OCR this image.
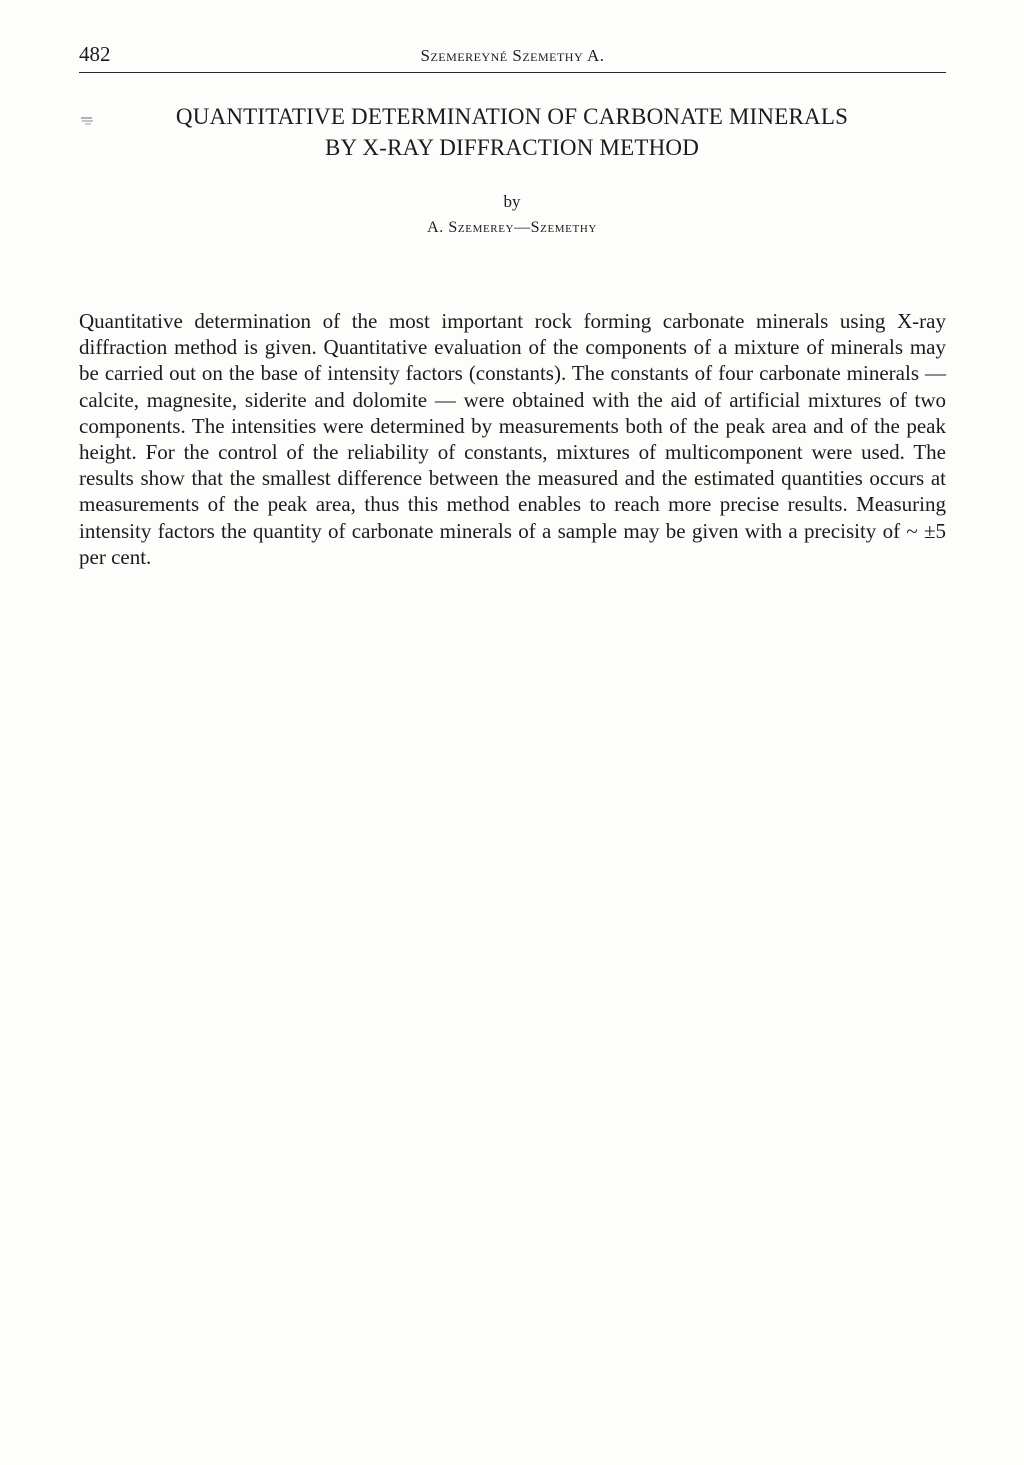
482	Szemereyné Szemethy A.
QUANTITATIVE DETERMINATION OF CARBONATE MINERALS
BY X-RAY DIFFRACTION METHOD
by
A. Szemerey—Szemethy

Quantitative determination of the most important rock forming carbonate minerals using X-ray diffraction method is given. Quantitative evaluation of the components of a mixture of minerals may be carried out on the base of intensity factors (constants). The constants of four carbonate minerals — calcite, magnesite, siderite and dolomite — were obtained with the aid of artificial mixtures of two components. The intensities were determined by measurements both of the peak area and of the peak height. For the control of the reliability of constants, mixtures of multicomponent were used. The results show that the smallest difference between the measured and the estimated quantities occurs at measurements of the peak area, thus this method enables to reach more precise results. Measuring intensity factors the quantity of carbonate minerals of a sample may be given with a precisity of ~ ±5 per cent.
